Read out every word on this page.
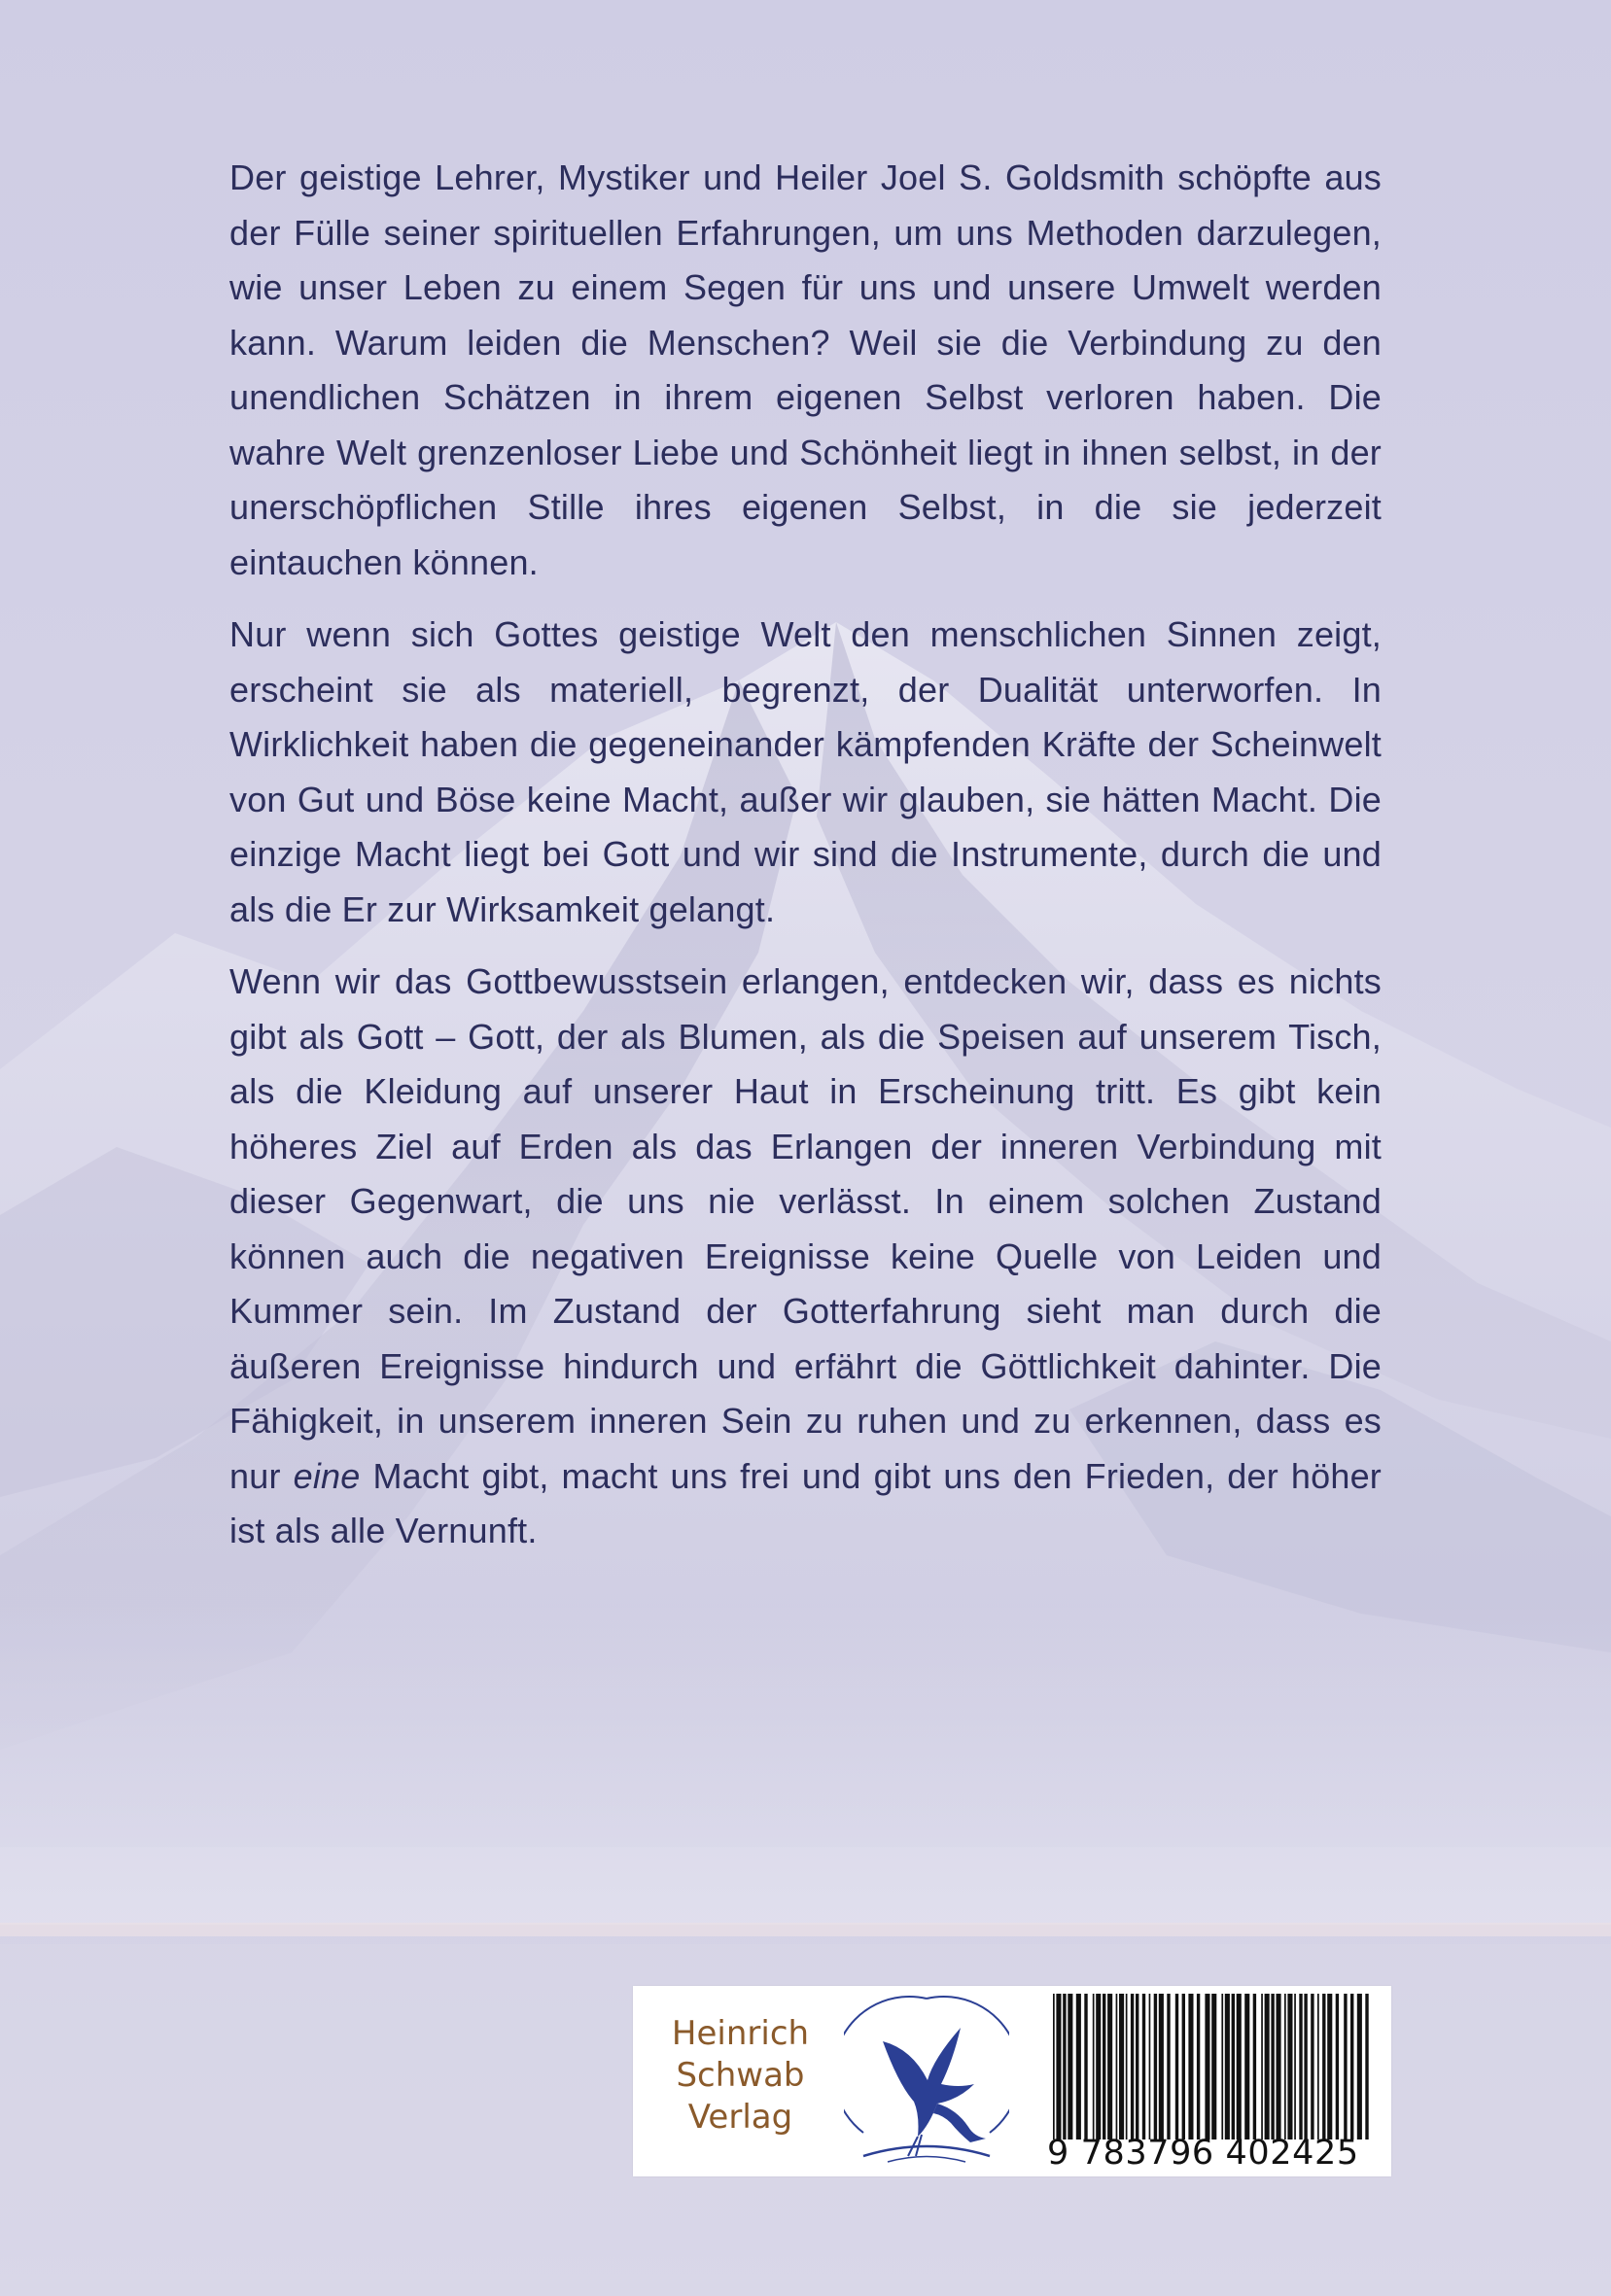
Der geistige Lehrer, Mystiker und Heiler Joel S. Goldsmith schöpfte aus der Fülle seiner spirituellen Erfahrungen, um uns Methoden darzulegen, wie unser Leben zu einem Segen für uns und unsere Umwelt werden kann. Warum leiden die Menschen? Weil sie die Verbindung zu den unendlichen Schätzen in ihrem eigenen Selbst verloren haben. Die wahre Welt grenzenloser Liebe und Schönheit liegt in ihnen selbst, in der unerschöpflichen Stille ihres eigenen Selbst, in die sie jederzeit eintauchen können.

Nur wenn sich Gottes geistige Welt den menschlichen Sinnen zeigt, erscheint sie als materiell, begrenzt, der Dualität unterworfen. In Wirklichkeit haben die gegeneinander kämpfenden Kräfte der Scheinwelt von Gut und Böse keine Macht, außer wir glauben, sie hätten Macht. Die einzige Macht liegt bei Gott und wir sind die Instrumente, durch die und als die Er zur Wirksamkeit gelangt.

Wenn wir das Gottbewusstsein erlangen, entdecken wir, dass es nichts gibt als Gott – Gott, der als Blumen, als die Speisen auf unserem Tisch, als die Kleidung auf unserer Haut in Erscheinung tritt. Es gibt kein höheres Ziel auf Erden als das Erlangen der inneren Verbindung mit dieser Gegenwart, die uns nie verlässt. In einem solchen Zustand können auch die negativen Ereignisse keine Quelle von Leiden und Kummer sein. Im Zustand der Gotterfahrung sieht man durch die äußeren Ereignisse hindurch und erfährt die Göttlichkeit dahinter. Die Fähigkeit, in unserem inneren Sein zu ruhen und zu erkennen, dass es nur eine Macht gibt, macht uns frei und gibt uns den Frieden, der höher ist als alle Vernunft.

Heinrich
Schwab
Verlag
9 783796 402425
